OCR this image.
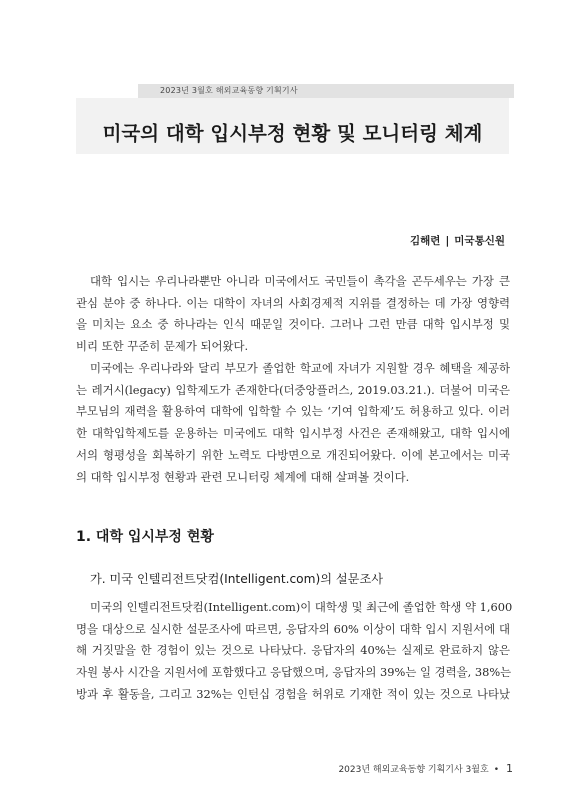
2023년 3월호 해외교육동향 기획기사
미국의 대학 입시부정 현황 및 모니터링 체계
김해련 | 미국통신원
대학 입시는 우리나라뿐만 아니라 미국에서도 국민들이 촉각을 곤두세우는 가장 큰
관심 분야 중 하나다. 이는 대학이 자녀의 사회경제적 지위를 결정하는 데 가장 영향력
을 미치는 요소 중 하나라는 인식 때문일 것이다. 그러나 그런 만큼 대학 입시부정 및
비리 또한 꾸준히 문제가 되어왔다.
미국에는 우리나라와 달리 부모가 졸업한 학교에 자녀가 지원할 경우 혜택을 제공하
는 레거시(legacy) 입학제도가 존재한다(더중앙플러스, 2019.03.21.). 더불어 미국은
부모님의 재력을 활용하여 대학에 입학할 수 있는 ‘기여 입학제’도 허용하고 있다. 이러
한 대학입학제도를 운용하는 미국에도 대학 입시부정 사건은 존재해왔고, 대학 입시에
서의 형평성을 회복하기 위한 노력도 다방면으로 개진되어왔다. 이에 본고에서는 미국
의 대학 입시부정 현황과 관련 모니터링 체계에 대해 살펴볼 것이다.
1. 대학 입시부정 현황
가. 미국 인텔리전트닷컴(Intelligent.com)의 설문조사
미국의 인텔리전트닷컴(Intelligent.com)이 대학생 및 최근에 졸업한 학생 약 1,600
명을 대상으로 실시한 설문조사에 따르면, 응답자의 60% 이상이 대학 입시 지원서에 대
해 거짓말을 한 경험이 있는 것으로 나타났다. 응답자의 40%는 실제로 완료하지 않은
자원 봉사 시간을 지원서에 포함했다고 응답했으며, 응답자의 39%는 일 경력을, 38%는
방과 후 활동을, 그리고 32%는 인턴십 경험을 허위로 기재한 적이 있는 것으로 나타났
2023년 해외교육동향 기획기사 3월호 • 1
